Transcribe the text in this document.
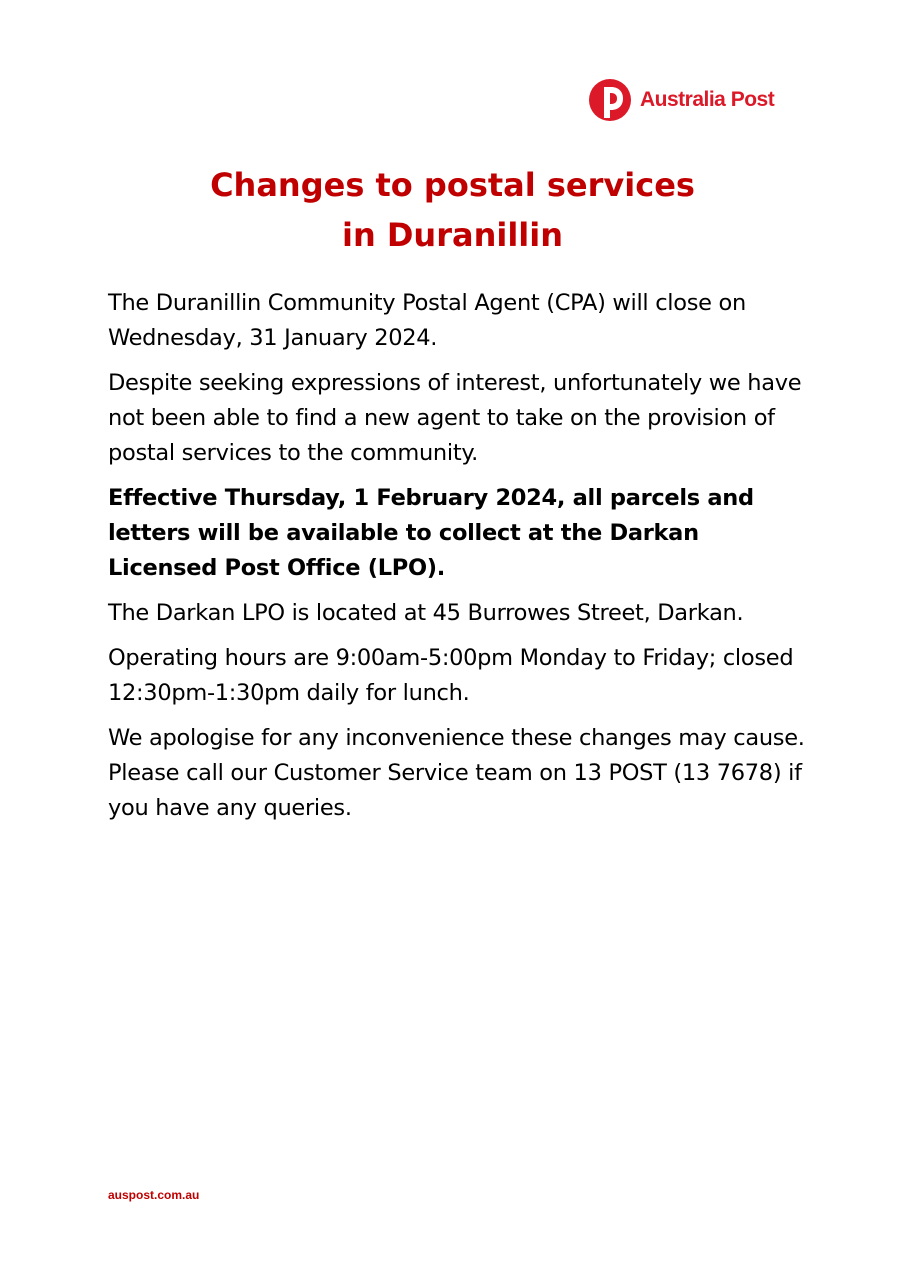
Australia Post
Changes to postal services
in Duranillin

The Duranillin Community Postal Agent (CPA) will close on Wednesday, 31 January 2024.

Despite seeking expressions of interest, unfortunately we have not been able to find a new agent to take on the provision of postal services to the community.

Effective Thursday, 1 February 2024, all parcels and letters will be available to collect at the Darkan Licensed Post Office (LPO).

The Darkan LPO is located at 45 Burrowes Street, Darkan.

Operating hours are 9:00am-5:00pm Monday to Friday; closed 12:30pm-1:30pm daily for lunch.

We apologise for any inconvenience these changes may cause. Please call our Customer Service team on 13 POST (13 7678) if you have any queries.

auspost.com.au
